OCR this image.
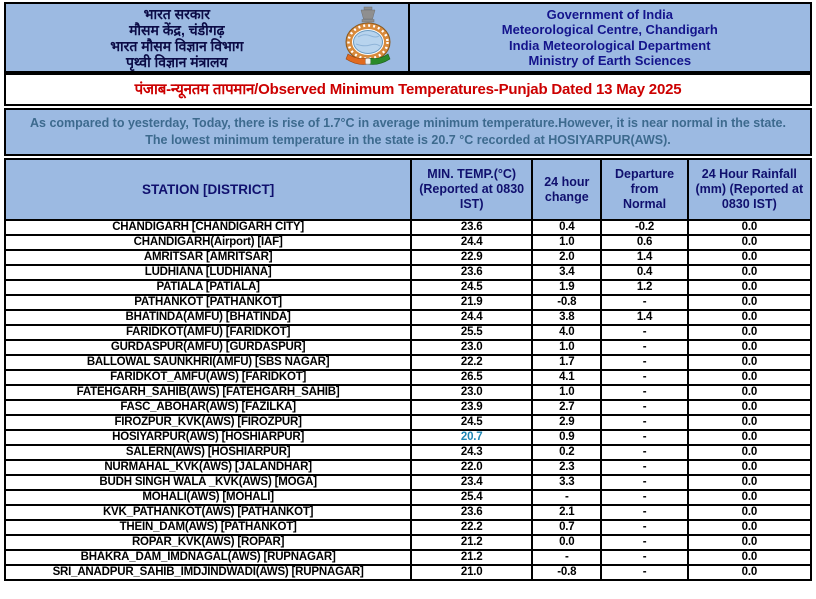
भारत सरकार
मौसम केंद्र, चंडीगढ़
भारत मौसम विज्ञान विभाग
पृथ्वी विज्ञान मंत्रालय
Government of India
Meteorological Centre, Chandigarh
India Meteorological Department
Ministry of Earth Sciences
पंजाब-न्यूनतम तापमान/Observed Minimum Temperatures-Punjab Dated 13 May 2025
As compared to yesterday, Today, there is rise of 1.7°C in average minimum temperature.However, it is near normal in the state.
The lowest minimum temperature in the state is 20.7 °C recorded at HOSIYARPUR(AWS).
STATION [DISTRICT]	MIN. TEMP.(°C) (Reported at 0830 IST)	24 hour change	Departure from Normal	24 Hour Rainfall (mm) (Reported at 0830 IST)
CHANDIGARH [CHANDIGARH CITY]	23.6	0.4	-0.2	0.0
CHANDIGARH(Airport) [IAF]	24.4	1.0	0.6	0.0
AMRITSAR [AMRITSAR]	22.9	2.0	1.4	0.0
LUDHIANA [LUDHIANA]	23.6	3.4	0.4	0.0
PATIALA [PATIALA]	24.5	1.9	1.2	0.0
PATHANKOT [PATHANKOT]	21.9	-0.8	-	0.0
BHATINDA(AMFU) [BHATINDA]	24.4	3.8	1.4	0.0
FARIDKOT(AMFU) [FARIDKOT]	25.5	4.0	-	0.0
GURDASPUR(AMFU) [GURDASPUR]	23.0	1.0	-	0.0
BALLOWAL SAUNKHRI(AMFU) [SBS NAGAR]	22.2	1.7	-	0.0
FARIDKOT_AMFU(AWS) [FARIDKOT]	26.5	4.1	-	0.0
FATEHGARH_SAHIB(AWS) [FATEHGARH_SAHIB]	23.0	1.0	-	0.0
FASC_ABOHAR(AWS) [FAZILKA]	23.9	2.7	-	0.0
FIROZPUR_KVK(AWS) [FIROZPUR]	24.5	2.9	-	0.0
HOSIYARPUR(AWS) [HOSHIARPUR]	20.7	0.9	-	0.0
SALERN(AWS) [HOSHIARPUR]	24.3	0.2	-	0.0
NURMAHAL_KVK(AWS) [JALANDHAR]	22.0	2.3	-	0.0
BUDH SINGH WALA _KVK(AWS) [MOGA]	23.4	3.3	-	0.0
MOHALI(AWS) [MOHALI]	25.4	-	-	0.0
KVK_PATHANKOT(AWS) [PATHANKOT]	23.6	2.1	-	0.0
THEIN_DAM(AWS) [PATHANKOT]	22.2	0.7	-	0.0
ROPAR_KVK(AWS) [ROPAR]	21.2	0.0	-	0.0
BHAKRA_DAM_IMDNAGAL(AWS) [RUPNAGAR]	21.2	-	-	0.0
SRI_ANADPUR_SAHIB_IMDJINDWADI(AWS) [RUPNAGAR]	21.0	-0.8	-	0.0
